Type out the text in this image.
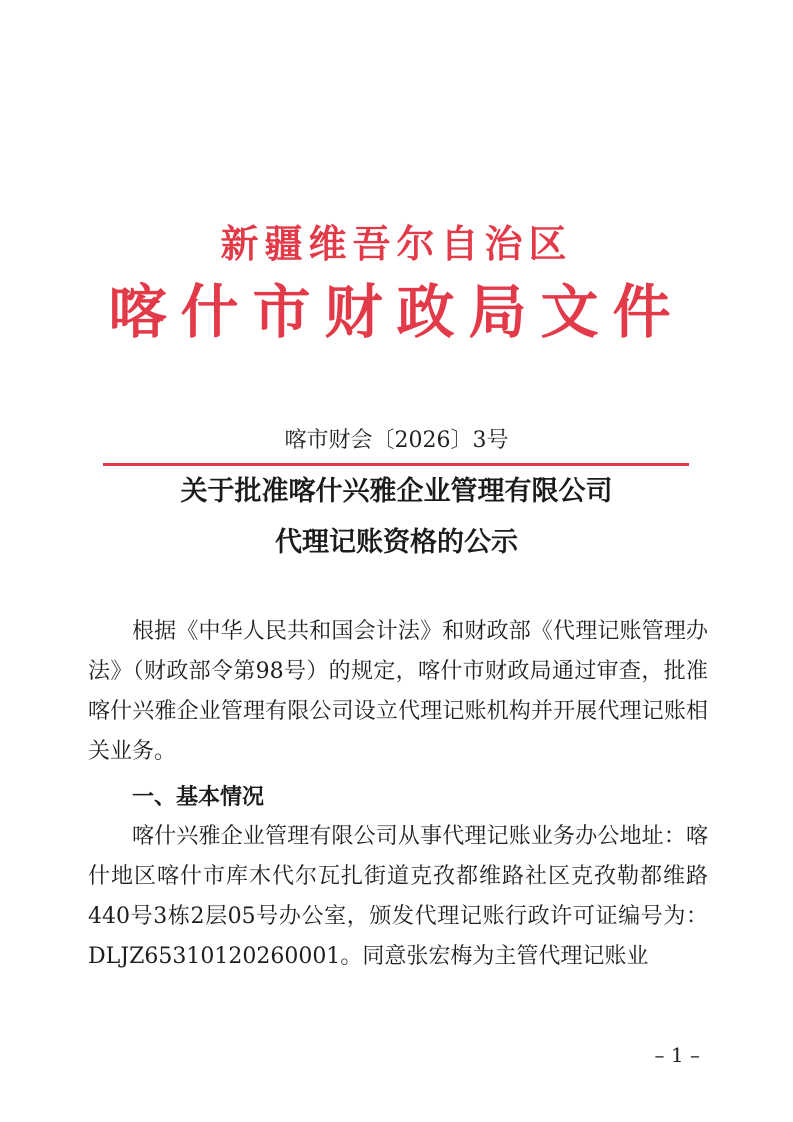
新疆维吾尔自治区
喀什市财政局文件
喀市财会〔2026〕3号
关于批准喀什兴雅企业管理有限公司
代理记账资格的公示
根据《中华人民共和国会计法》和财政部《代理记账管理办法》（财政部令第98号）的规定，喀什市财政局通过审查，批准喀什兴雅企业管理有限公司设立代理记账机构并开展代理记账相关业务。
一、基本情况
喀什兴雅企业管理有限公司从事代理记账业务办公地址：喀什地区喀什市库木代尔瓦扎街道克孜都维路社区克孜勒都维路440号3栋2层05号办公室，颁发代理记账行政许可证编号为：DLJZ65310120260001。同意张宏梅为主管代理记账业
– 1 –
